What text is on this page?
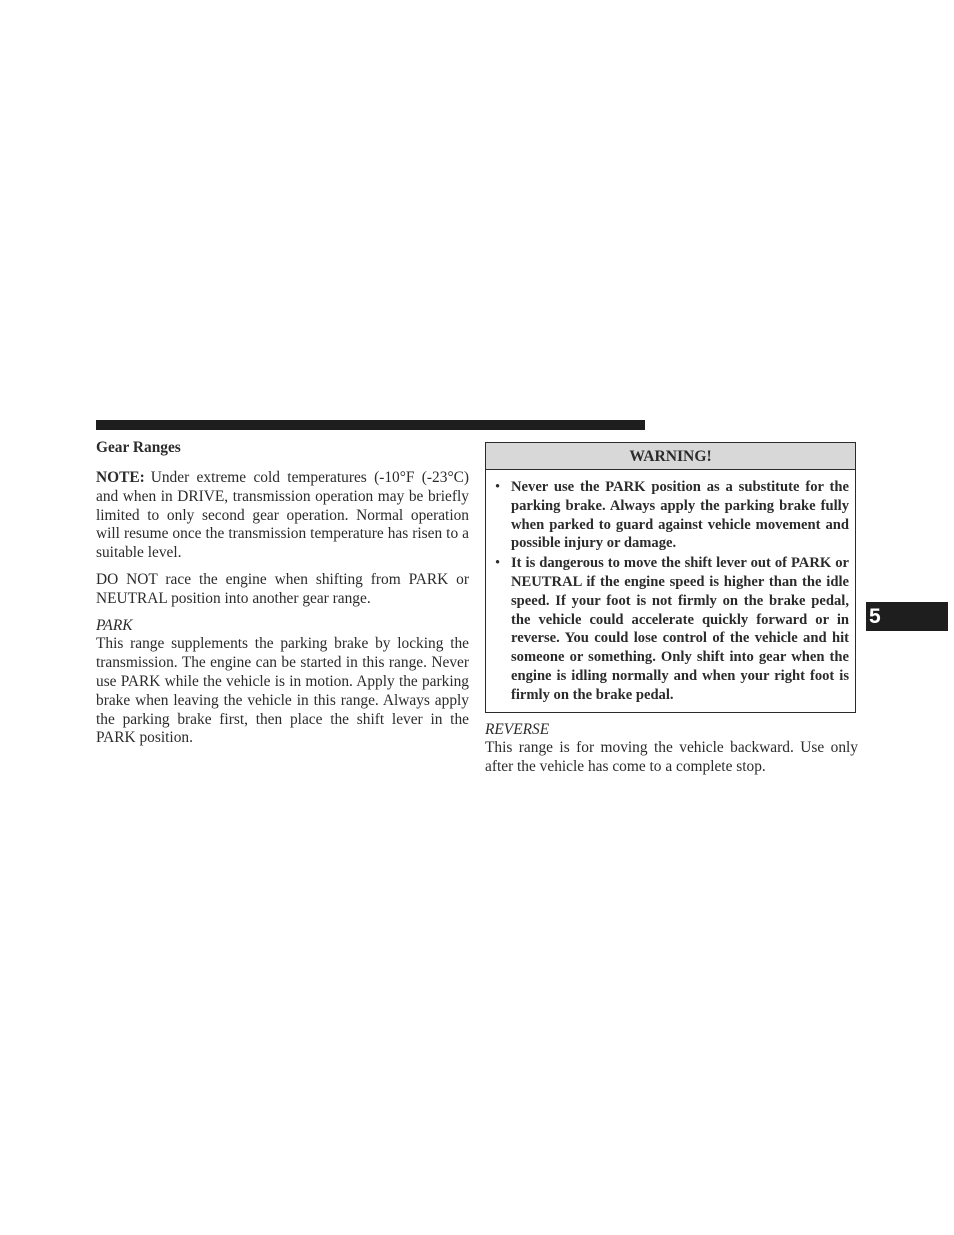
Gear Ranges

NOTE: Under extreme cold temperatures (-10°F (-23°C) and when in DRIVE, transmission operation may be briefly limited to only second gear operation. Normal operation will resume once the transmission temperature has risen to a suitable level.

DO NOT race the engine when shifting from PARK or NEUTRAL position into another gear range.

PARK

This range supplements the parking brake by locking the transmission. The engine can be started in this range. Never use PARK while the vehicle is in motion. Apply the parking brake when leaving the vehicle in this range. Always apply the parking brake first, then place the shift lever in the PARK position.

WARNING!
• Never use the PARK position as a substitute for the parking brake. Always apply the parking brake fully when parked to guard against vehicle movement and possible injury or damage.
• It is dangerous to move the shift lever out of PARK or NEUTRAL if the engine speed is higher than the idle speed. If your foot is not firmly on the brake pedal, the vehicle could accelerate quickly forward or in reverse. You could lose control of the vehicle and hit someone or something. Only shift into gear when the engine is idling normally and when your right foot is firmly on the brake pedal.
REVERSE

This range is for moving the vehicle backward. Use only after the vehicle has come to a complete stop.

5
